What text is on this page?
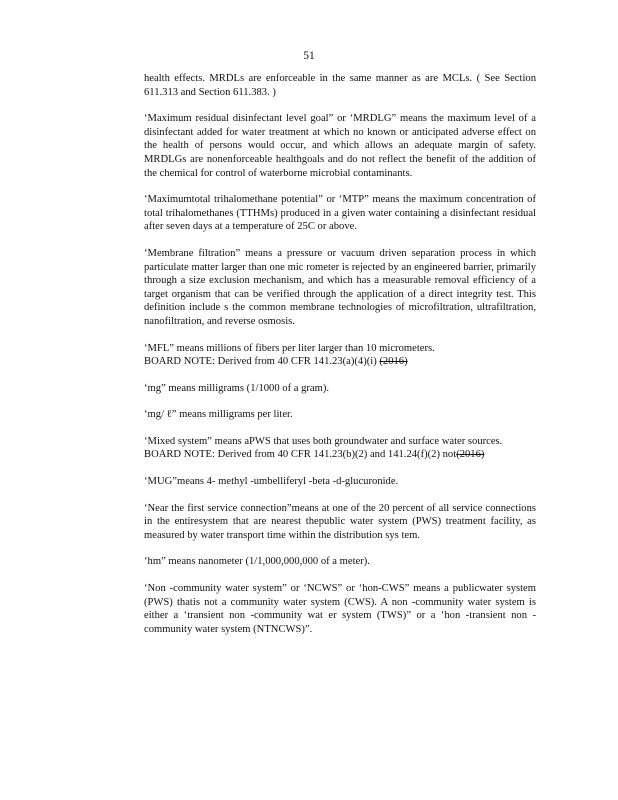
51

health effects. MRDLs are enforceable in the same manner as are MCLs. ( See Section 611.313 and Section 611.383. )

‘Maximum residual disinfectant level goal” or ‘MRDLG” means the maximum level of a disinfectant added for water treatment at which no known or anticipated adverse effect on the health of persons would occur, and which allows an adequate margin of safety. MRDLGs are nonenforceable healthgoals and do not reflect the benefit of the addition of the chemical for control of waterborne microbial contaminants.

‘Maximumtotal trihalomethane potential” or ‘MTP” means the maximum concentration of total trihalomethanes (TTHMs) produced in a given water containing a disinfectant residual after seven days at a temperature of 25C or above.

‘Membrane filtration” means a pressure or vacuum driven separation process in which particulate matter larger than one mic rometer is rejected by an engineered barrier, primarily through a size exclusion mechanism, and which has a measurable removal efficiency of a target organism that can be verified through the application of a direct integrity test. This definition include s the common membrane technologies of microfiltration, ultrafiltration, nanofiltration, and reverse osmosis.

‘MFL” means millions of fibers per liter larger than 10 micrometers.
BOARD NOTE: Derived from 40 CFR 141.23(a)(4)(i) (2016)

‘mg” means milligrams (1/1000 of a gram).

‘mg/ ℓ” means milligrams per liter.

‘Mixed system” means aPWS that uses both groundwater and surface water sources.
BOARD NOTE: Derived from 40 CFR 141.23(b)(2) and 141.24(f)(2) not(2016)

‘MUG”means 4- methyl -umbelliferyl -beta -d-glucuronide.

‘Near the first service connection”means at one of the 20 percent of all service connections in the entiresystem that are nearest thepublic water system (PWS) treatment facility, as measured by water transport time within the distribution sys tem.

‘hm” means nanometer (1/1,000,000,000 of a meter).

‘Non -community water system” or ‘NCWS” or ‘hon-CWS” means a publicwater system (PWS) thatis not a community water system (CWS). A non -community water system is either a ‘transient non -community wat er system (TWS)” or a ‘hon -transient non -community water system (NTNCWS)”.
